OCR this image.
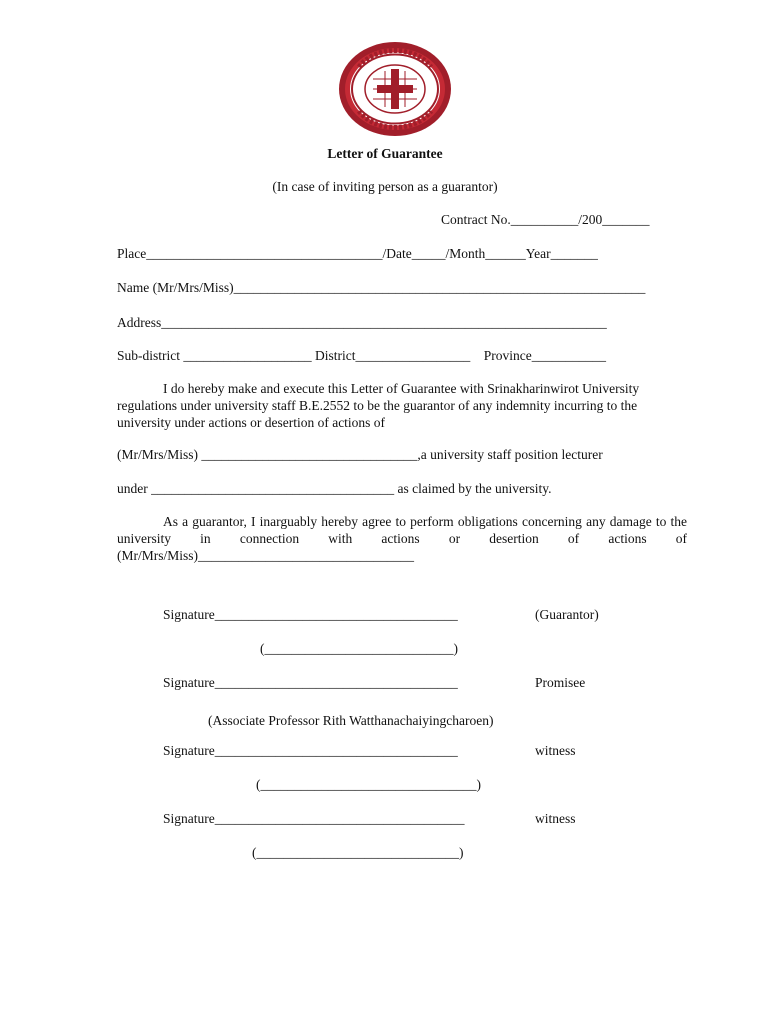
Letter of Guarantee
(In case of inviting person as a guarantor)
Contract No.__________/200_______
Place___________________________________/Date_____/Month______Year_______
Name (Mr/Mrs/Miss)_____________________________________________________________
Address__________________________________________________________________
Sub-district ___________________ District_________________    Province___________
I do hereby make and execute this Letter of Guarantee with Srinakharinwirot University regulations under university staff B.E.2552 to be the guarantor of any indemnity incurring to the university under actions or desertion of actions of
(Mr/Mrs/Miss) ________________________________,a university staff position lecturer
under ____________________________________ as claimed by the university.
As a guarantor, I inarguably hereby agree to perform obligations concerning any damage to the university in connection with actions or desertion of actions of (Mr/Mrs/Miss)________________________________
Signature____________________________________	(Guarantor)
(____________________________)
Signature____________________________________	Promisee
(Associate Professor Rith Watthanachaiyingcharoen)
Signature____________________________________	witness
(________________________________)
Signature_____________________________________	witness
(______________________________)
